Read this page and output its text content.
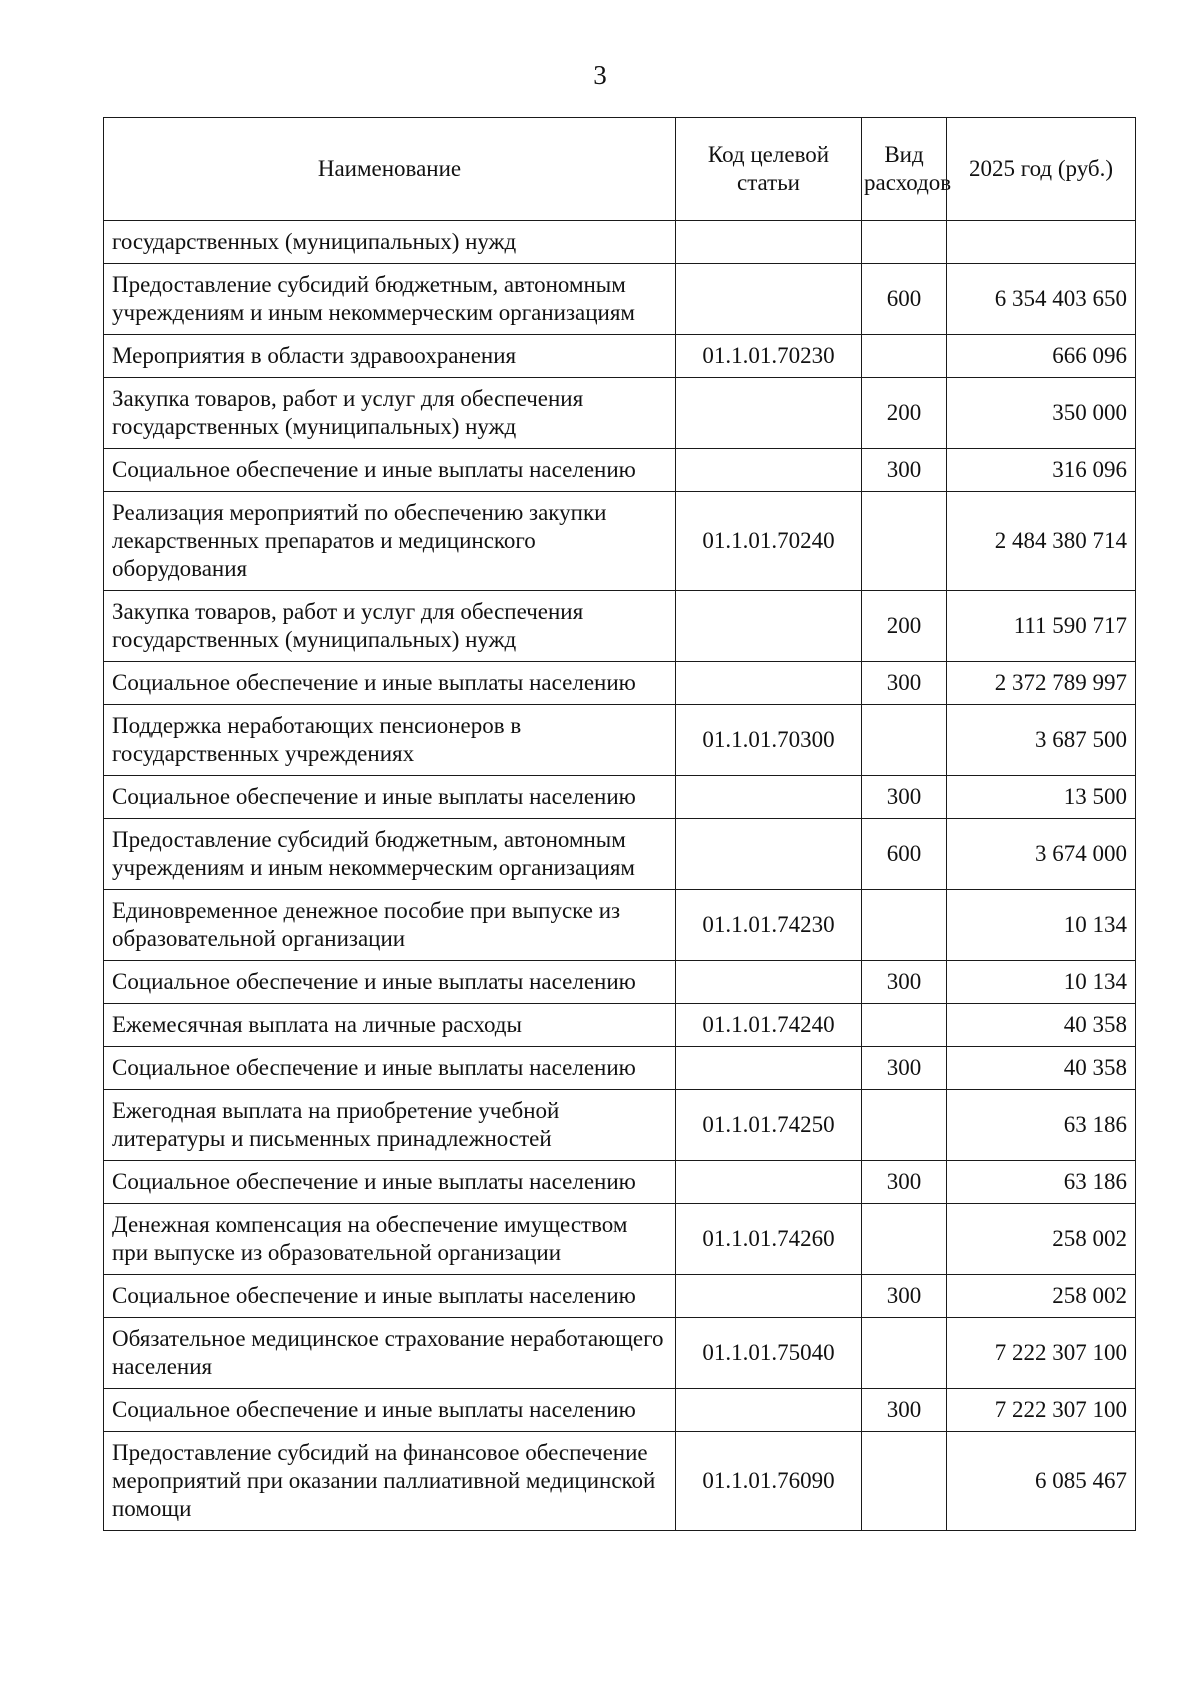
3
Наименование	Код целевой статьи	Вид расходов	2025 год (руб.)
государственных (муниципальных) нужд			
Предоставление субсидий бюджетным, автономным учреждениям и иным некоммерческим организациям		600	6 354 403 650
Мероприятия в области здравоохранения	01.1.01.70230		666 096
Закупка товаров, работ и услуг для обеспечения государственных (муниципальных) нужд		200	350 000
Социальное обеспечение и иные выплаты населению		300	316 096
Реализация мероприятий по обеспечению закупки лекарственных препаратов и медицинского оборудования	01.1.01.70240		2 484 380 714
Закупка товаров, работ и услуг для обеспечения государственных (муниципальных) нужд		200	111 590 717
Социальное обеспечение и иные выплаты населению		300	2 372 789 997
Поддержка неработающих пенсионеров в государственных учреждениях	01.1.01.70300		3 687 500
Социальное обеспечение и иные выплаты населению		300	13 500
Предоставление субсидий бюджетным, автономным учреждениям и иным некоммерческим организациям		600	3 674 000
Единовременное денежное пособие при выпуске из образовательной организации	01.1.01.74230		10 134
Социальное обеспечение и иные выплаты населению		300	10 134
Ежемесячная выплата на личные расходы	01.1.01.74240		40 358
Социальное обеспечение и иные выплаты населению		300	40 358
Ежегодная выплата на приобретение учебной литературы и письменных принадлежностей	01.1.01.74250		63 186
Социальное обеспечение и иные выплаты населению		300	63 186
Денежная компенсация на обеспечение имуществом при выпуске из образовательной организации	01.1.01.74260		258 002
Социальное обеспечение и иные выплаты населению		300	258 002
Обязательное медицинское страхование неработающего населения	01.1.01.75040		7 222 307 100
Социальное обеспечение и иные выплаты населению		300	7 222 307 100
Предоставление субсидий на финансовое обеспечение мероприятий при оказании паллиативной медицинской помощи	01.1.01.76090		6 085 467
